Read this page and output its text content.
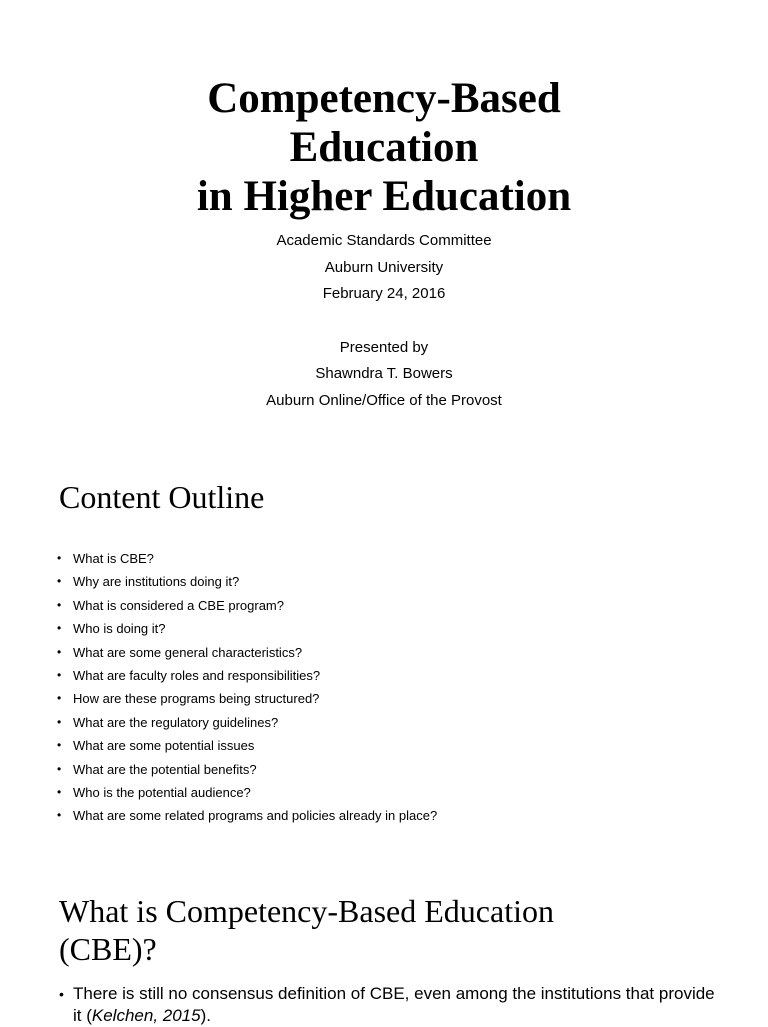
Competency-Based
Education
in Higher Education
Academic Standards Committee
Auburn University
February 24, 2016
Presented by
Shawndra T. Bowers
Auburn Online/Office of the Provost
Content Outline
• What is CBE?
• Why are institutions doing it?
• What is considered a CBE program?
• Who is doing it?
• What are some general characteristics?
• What are faculty roles and responsibilities?
• How are these programs being structured?
• What are the regulatory guidelines?
• What are some potential issues
• What are the potential benefits?
• Who is the potential audience?
• What are some related programs and policies already in place?
What is Competency-Based Education
(CBE)?
• There is still no consensus definition of CBE, even among the institutions that provide it (Kelchen, 2015).
